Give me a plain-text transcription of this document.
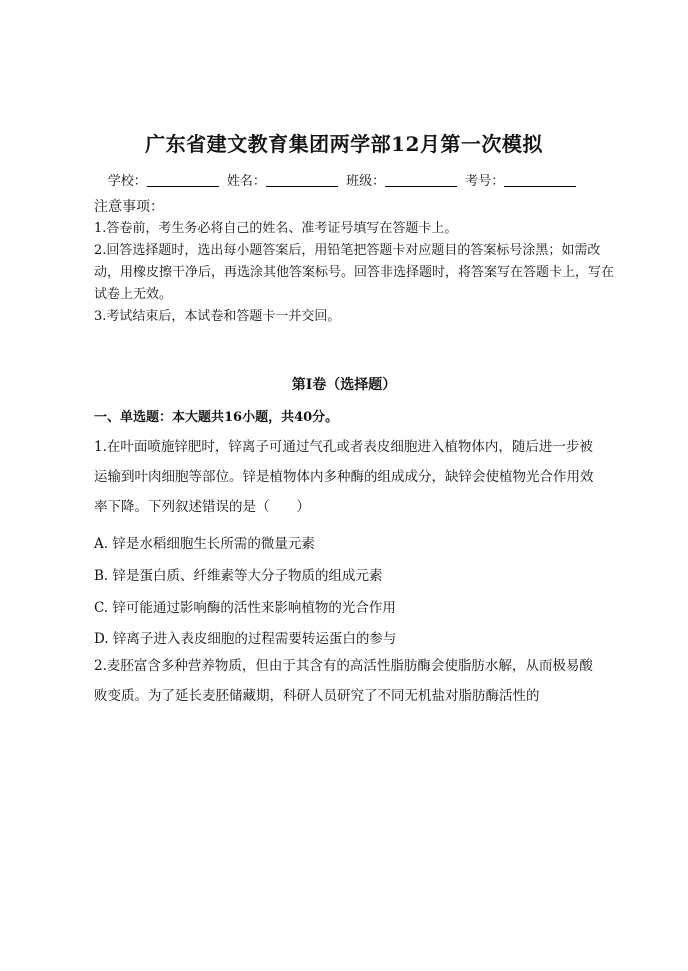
广东省建文教育集团两学部12月第一次模拟
学校：	姓名：	班级：	考号：
注意事项：
1.答卷前，考生务必将自己的姓名、准考证号填写在答题卡上。
2.回答选择题时，选出每小题答案后，用铅笔把答题卡对应题目的答案标号涂黑；如需改动，用橡皮擦干净后，再选涂其他答案标号。回答非选择题时，将答案写在答题卡上，写在试卷上无效。
3.考试结束后，本试卷和答题卡一并交回。
第I卷（选择题）
一、单选题：本大题共16小题，共40分。
1.在叶面喷施锌肥时，锌离子可通过气孔或者表皮细胞进入植物体内，随后进一步被运输到叶肉细胞等部位。锌是植物体内多种酶的组成成分，缺锌会使植物光合作用效率下降。下列叙述错误的是（　　）
A. 锌是水稻细胞生长所需的微量元素
B. 锌是蛋白质、纤维素等大分子物质的组成元素
C. 锌可能通过影响酶的活性来影响植物的光合作用
D. 锌离子进入表皮细胞的过程需要转运蛋白的参与
2.麦胚富含多种营养物质，但由于其含有的高活性脂肪酶会使脂肪水解，从而极易酸败变质。为了延长麦胚储藏期，科研人员研究了不同无机盐对脂肪酶活性的
